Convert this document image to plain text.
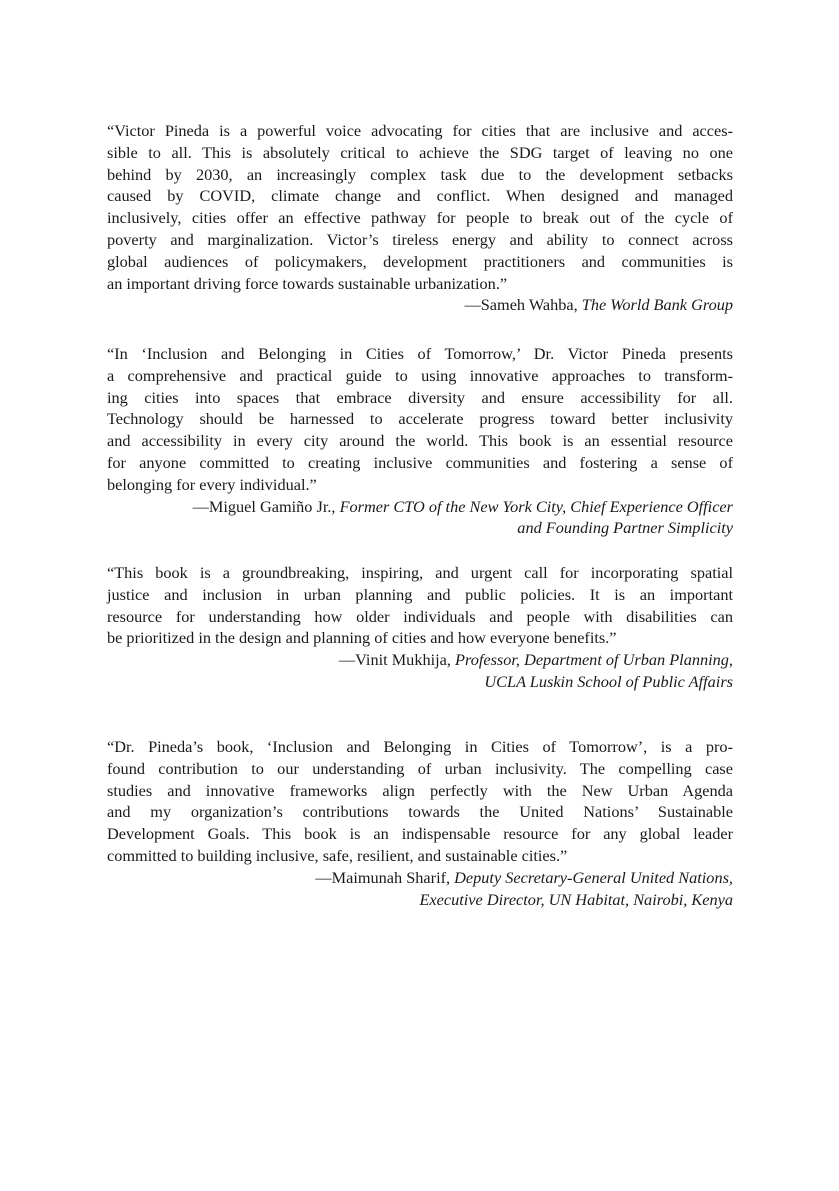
“Victor Pineda is a powerful voice advocating for cities that are inclusive and acces-
sible to all. This is absolutely critical to achieve the SDG target of leaving no one
behind by 2030, an increasingly complex task due to the development setbacks
caused by COVID, climate change and conflict. When designed and managed
inclusively, cities offer an effective pathway for people to break out of the cycle of
poverty and marginalization. Victor’s tireless energy and ability to connect across
global audiences of policymakers, development practitioners and communities is
an important driving force towards sustainable urbanization.”
—Sameh Wahba, The World Bank Group
“In ‘Inclusion and Belonging in Cities of Tomorrow,’ Dr. Victor Pineda presents
a comprehensive and practical guide to using innovative approaches to transform-
ing cities into spaces that embrace diversity and ensure accessibility for all.
Technology should be harnessed to accelerate progress toward better inclusivity
and accessibility in every city around the world. This book is an essential resource
for anyone committed to creating inclusive communities and fostering a sense of
belonging for every individual.”
—Miguel Gamiño Jr., Former CTO of the New York City, Chief Experience Officer
and Founding Partner Simplicity
“This book is a groundbreaking, inspiring, and urgent call for incorporating spatial
justice and inclusion in urban planning and public policies. It is an important
resource for understanding how older individuals and people with disabilities can
be prioritized in the design and planning of cities and how everyone benefits.”
—Vinit Mukhija, Professor, Department of Urban Planning,
UCLA Luskin School of Public Affairs
“Dr. Pineda’s book, ‘Inclusion and Belonging in Cities of Tomorrow’, is a pro-
found contribution to our understanding of urban inclusivity. The compelling case
studies and innovative frameworks align perfectly with the New Urban Agenda
and my organization’s contributions towards the United Nations’ Sustainable
Development Goals. This book is an indispensable resource for any global leader
committed to building inclusive, safe, resilient, and sustainable cities.”
—Maimunah Sharif, Deputy Secretary-General United Nations,
Executive Director, UN Habitat, Nairobi, Kenya
